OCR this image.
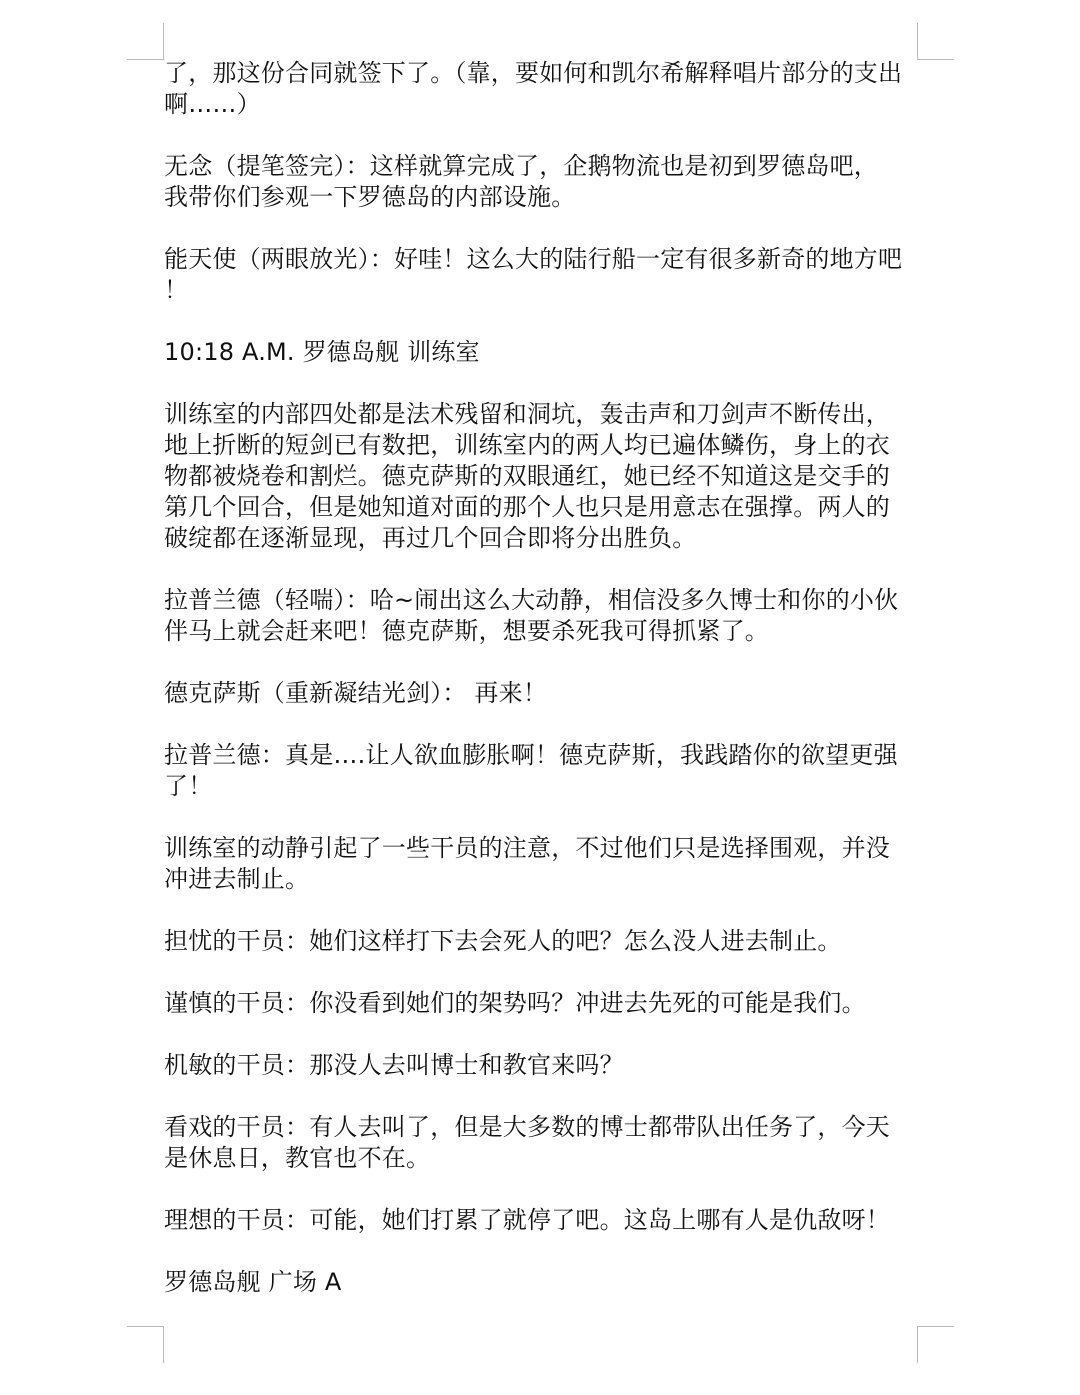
了，那这份合同就签下了。（靠，要如何和凯尔希解释唱片部分的支出
啊……）
无念（提笔签完）：这样就算完成了，企鹅物流也是初到罗德岛吧，
我带你们参观一下罗德岛的内部设施。
能天使（两眼放光）：好哇！这么大的陆行船一定有很多新奇的地方吧
！
10:18 A.M. 罗德岛舰 训练室
训练室的内部四处都是法术残留和洞坑，轰击声和刀剑声不断传出，
地上折断的短剑已有数把，训练室内的两人均已遍体鳞伤，身上的衣
物都被烧卷和割烂。德克萨斯的双眼通红，她已经不知道这是交手的
第几个回合，但是她知道对面的那个人也只是用意志在强撑。两人的
破绽都在逐渐显现，再过几个回合即将分出胜负。
拉普兰德（轻喘）：哈~闹出这么大动静，相信没多久博士和你的小伙
伴马上就会赶来吧！德克萨斯，想要杀死我可得抓紧了。
德克萨斯（重新凝结光剑）： 再来！
拉普兰德：真是….让人欲血膨胀啊！德克萨斯，我践踏你的欲望更强
了！
训练室的动静引起了一些干员的注意，不过他们只是选择围观，并没
冲进去制止。
担忧的干员：她们这样打下去会死人的吧？怎么没人进去制止。
谨慎的干员：你没看到她们的架势吗？冲进去先死的可能是我们。
机敏的干员：那没人去叫博士和教官来吗？
看戏的干员：有人去叫了，但是大多数的博士都带队出任务了，今天
是休息日，教官也不在。
理想的干员：可能，她们打累了就停了吧。这岛上哪有人是仇敌呀！
罗德岛舰 广场 A
